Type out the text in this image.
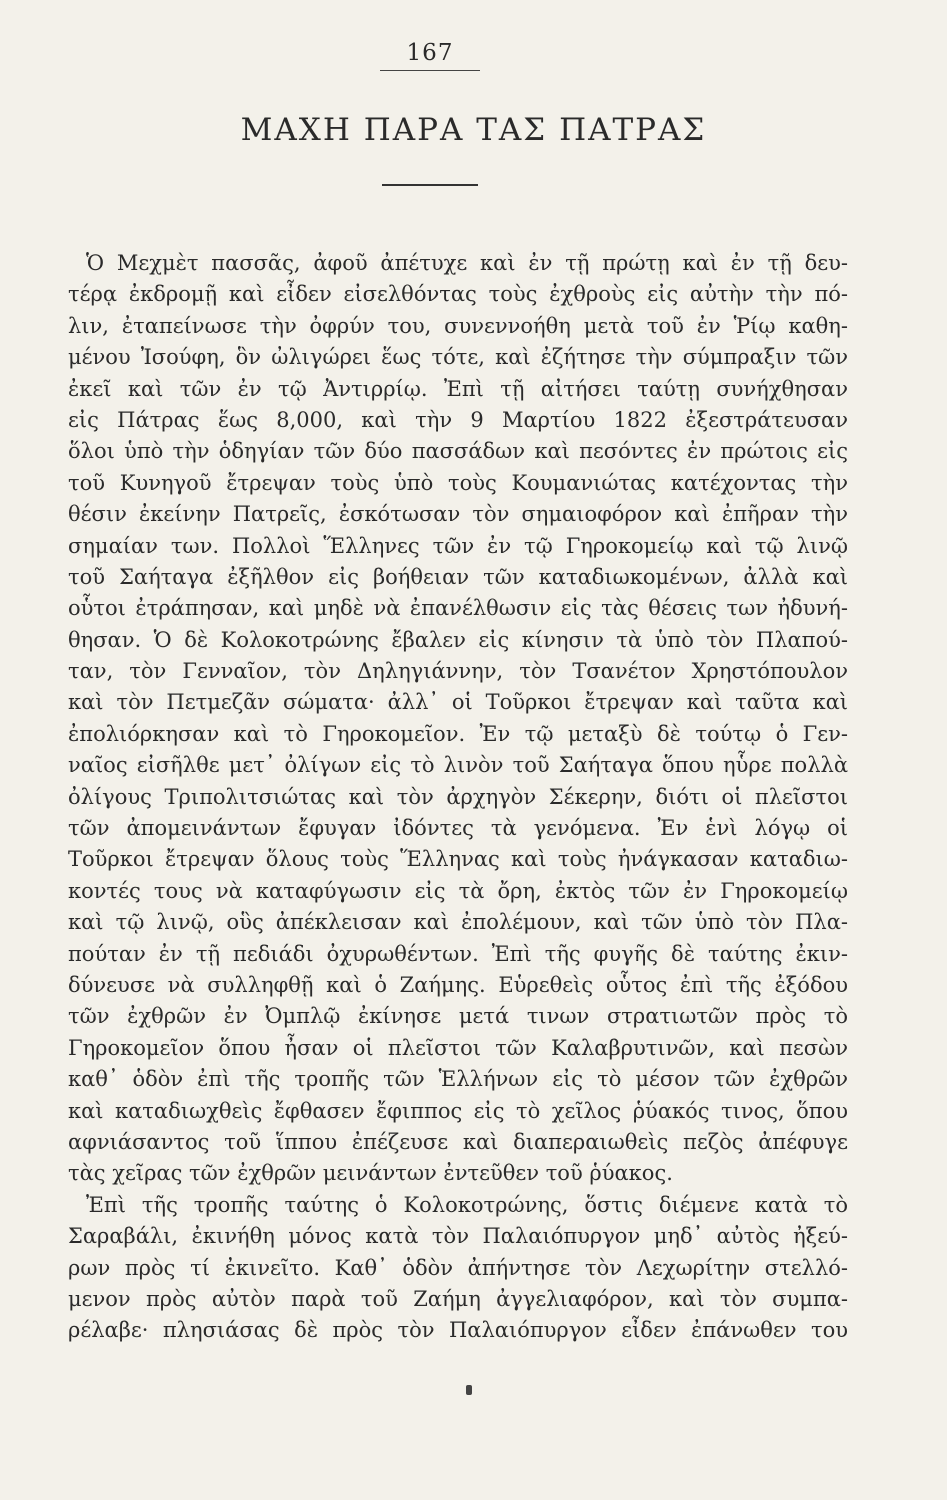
167
ΜΑΧΗ ΠΑΡΑ ΤΑΣ ΠΑΤΡΑΣ
Ὁ Μεχμὲτ πασσᾶς, ἀφοῦ ἀπέτυχε καὶ ἐν τῇ πρώτῃ καὶ ἐν τῇ δευ-
τέρᾳ ἐκδρομῇ καὶ εἶδεν εἰσελθόντας τοὺς ἐχθροὺς εἰς αὐτὴν τὴν πό-
λιν, ἐταπείνωσε τὴν ὀφρύν του, συνεννοήθη μετὰ τοῦ ἐν Ῥίῳ καθη-
μένου Ἰσούφη, ὃν ὠλιγώρει ἕως τότε, καὶ ἐζήτησε τὴν σύμπραξιν τῶν
ἐκεῖ καὶ τῶν ἐν τῷ Ἀντιρρίῳ. Ἐπὶ τῇ αἰτήσει ταύτῃ συνήχθησαν
εἰς Πάτρας ἕως 8,000, καὶ τὴν 9 Μαρτίου 1822 ἐξεστράτευσαν
ὅλοι ὑπὸ τὴν ὁδηγίαν τῶν δύο πασσάδων καὶ πεσόντες ἐν πρώτοις εἰς
τοῦ Κυνηγοῦ ἔτρεψαν τοὺς ὑπὸ τοὺς Κουμανιώτας κατέχοντας τὴν
θέσιν ἐκείνην Πατρεῖς, ἐσκότωσαν τὸν σημαιοφόρον καὶ ἐπῆραν τὴν
σημαίαν των. Πολλοὶ Ἕλληνες τῶν ἐν τῷ Γηροκομείῳ καὶ τῷ λινῷ
τοῦ Σαήταγα ἐξῆλθον εἰς βοήθειαν τῶν καταδιωκομένων, ἀλλὰ καὶ
οὗτοι ἐτράπησαν, καὶ μηδὲ νὰ ἐπανέλθωσιν εἰς τὰς θέσεις των ἠδυνή-
θησαν. Ὁ δὲ Κολοκοτρώνης ἔβαλεν εἰς κίνησιν τὰ ὑπὸ τὸν Πλαπού-
ταν, τὸν Γενναῖον, τὸν Δηληγιάννην, τὸν Τσανέτον Χρηστόπουλον
καὶ τὸν Πετμεζᾶν σώματα· ἀλλ᾽ οἱ Τοῦρκοι ἔτρεψαν καὶ ταῦτα καὶ
ἐπολιόρκησαν καὶ τὸ Γηροκομεῖον. Ἐν τῷ μεταξὺ δὲ τούτῳ ὁ Γεν-
ναῖος εἰσῆλθε μετ᾽ ὀλίγων εἰς τὸ λινὸν τοῦ Σαήταγα ὅπου ηὗρε πολλὰ
ὀλίγους Τριπολιτσιώτας καὶ τὸν ἀρχηγὸν Σέκερην, διότι οἱ πλεῖστοι
τῶν ἀπομεινάντων ἔφυγαν ἰδόντες τὰ γενόμενα. Ἐν ἑνὶ λόγῳ οἱ
Τοῦρκοι ἔτρεψαν ὅλους τοὺς Ἕλληνας καὶ τοὺς ἠνάγκασαν καταδιω-
κοντές τους νὰ καταφύγωσιν εἰς τὰ ὄρη, ἐκτὸς τῶν ἐν Γηροκομείῳ
καὶ τῷ λινῷ, οὓς ἀπέκλεισαν καὶ ἐπολέμουν, καὶ τῶν ὑπὸ τὸν Πλα-
πούταν ἐν τῇ πεδιάδι ὀχυρωθέντων. Ἐπὶ τῆς φυγῆς δὲ ταύτης ἐκιν-
δύνευσε νὰ συλληφθῇ καὶ ὁ Ζαήμης. Εὑρεθεὶς οὗτος ἐπὶ τῆς ἐξόδου
τῶν ἐχθρῶν ἐν Ὀμπλῷ ἐκίνησε μετά τινων στρατιωτῶν πρὸς τὸ
Γηροκομεῖον ὅπου ἦσαν οἱ πλεῖστοι τῶν Καλαβρυτινῶν, καὶ πεσὼν
καθ᾽ ὁδὸν ἐπὶ τῆς τροπῆς τῶν Ἑλλήνων εἰς τὸ μέσον τῶν ἐχθρῶν
καὶ καταδιωχθεὶς ἔφθασεν ἔφιππος εἰς τὸ χεῖλος ῥύακός τινος, ὅπου
αφνιάσαντος τοῦ ἵππου ἐπέζευσε καὶ διαπεραιωθεὶς πεζὸς ἀπέφυγε
τὰς χεῖρας τῶν ἐχθρῶν μεινάντων ἐντεῦθεν τοῦ ῥύακος.
Ἐπὶ τῆς τροπῆς ταύτης ὁ Κολοκοτρώνης, ὅστις διέμενε κατὰ τὸ
Σαραβάλι, ἐκινήθη μόνος κατὰ τὸν Παλαιόπυργον μηδ᾽ αὐτὸς ἠξεύ-
ρων πρὸς τί ἐκινεῖτο. Καθ᾽ ὁδὸν ἀπήντησε τὸν Λεχωρίτην στελλό-
μενον πρὸς αὐτὸν παρὰ τοῦ Ζαήμη ἀγγελιαφόρον, καὶ τὸν συμπα-
ρέλαβε· πλησιάσας δὲ πρὸς τὸν Παλαιόπυργον εἶδεν ἐπάνωθεν του
